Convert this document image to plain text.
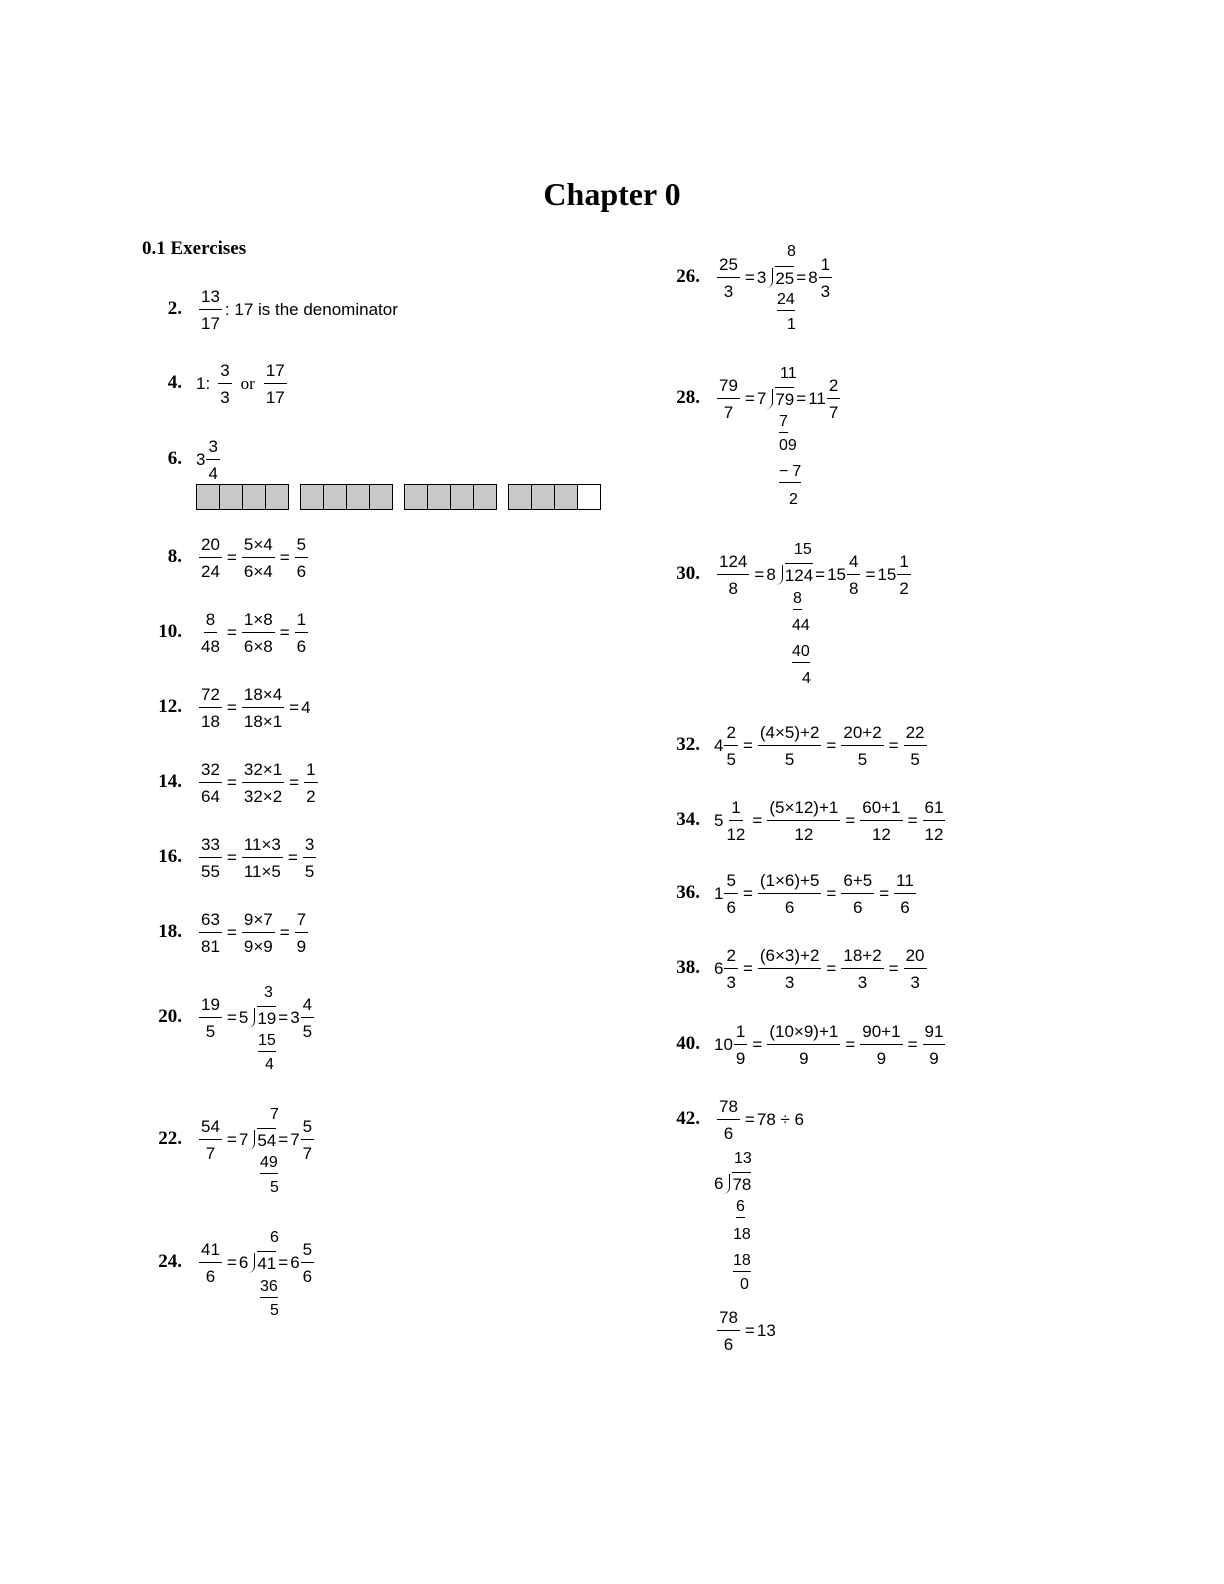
Chapter 0
0.1 Exercises
2.
13
17
: 17 is the denominator
4. 1:
3
3
or
17
17
6. 3
3
4
8. $\frac{20}{24} = \frac{5\times 4}{6\times 4} = \frac{5}{6}$
10. $\frac{8}{48} = \frac{1\times 8}{6\times 8} = \frac{1}{6}$
12. $\frac{72}{18} = \frac{18\times 4}{18\times 1} = 4$
14. $\frac{32}{64} = \frac{32\times 1}{32\times 2} = \frac{1}{2}$
16. $\frac{33}{55} = \frac{11\times 3}{11\times 5} = \frac{3}{5}$
18. $\frac{63}{81} = \frac{9\times 7}{9\times 9} = \frac{7}{9}$
20. $\frac{19}{5} = 5$ 19 = 3
4
5
3
15
4
22. $\frac{54}{7} = 7$ 54 = 7
5
7
7
49
5
24. $\frac{41}{6} = 6$ 41 = 6
5
6
6
36
5
26. $\frac{25}{3} = 3$ 25 = 8
1
3
8
24
1
28. $\frac{79}{7} = 7$ 79 = 11
2
7
11
7
09
− 7
2
30. $\frac{124}{8} = 8$ $124 = 15 \frac{4}{8} = 15$
1
2
15
8
44
40
4
32. $4 \frac{2}{5} = \frac{(4\times 5)+2}{5} = \frac{20+2}{5} = \frac{22}{5}$
34. $5 \frac{1}{12} = \frac{(5\times 12)+1}{12} = \frac{60+1}{12} = \frac{61}{12}$
36. $1 \frac{5}{6} = \frac{(1\times 6)+5}{6} = \frac{6+5}{6} = \frac{11}{6}$
38. $6 \frac{2}{3} = \frac{(6\times 3)+2}{3} = \frac{18+2}{3} = \frac{20}{3}$
40. $10 \frac{1}{9} = \frac{(10\times 9)+1}{9} = \frac{90+1}{9} = \frac{91}{9}$
42. $\frac{78}{6} = 78 \div 6$
13
6 78
6
18
18
0
$\frac{78}{6} = 13$
